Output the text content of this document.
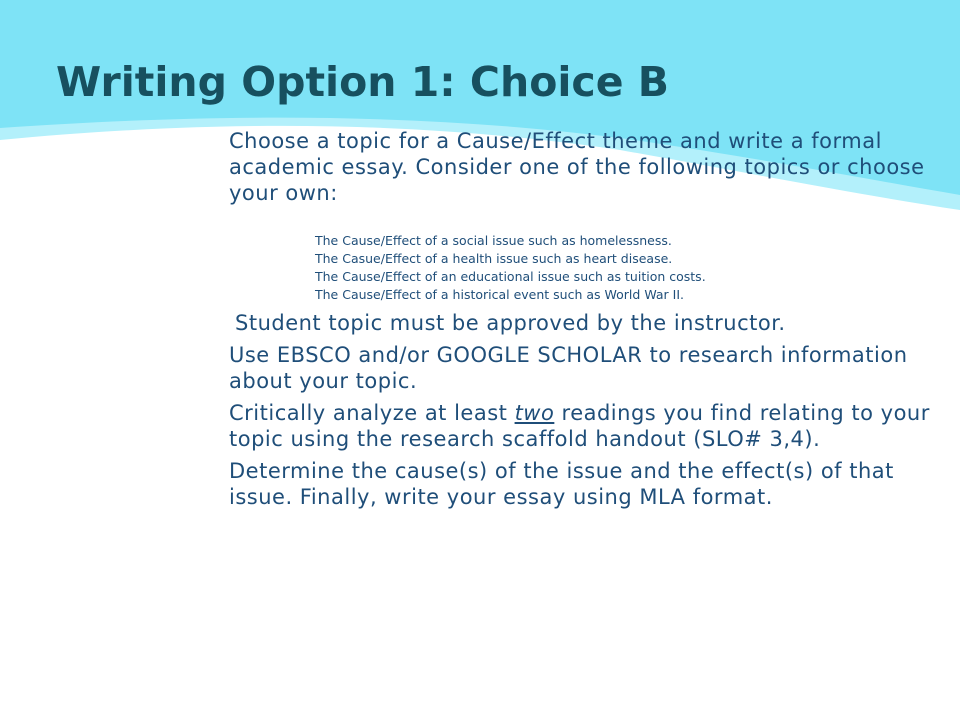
Writing Option 1: Choice B

Choose a topic for a Cause/Effect theme and write a formal academic essay. Consider one of the following topics or choose your own:

The Cause/Effect of a social issue such as homelessness.
The Casue/Effect of a health issue such as heart disease.
The Cause/Effect of an educational issue such as tuition costs.
The Cause/Effect of a historical event such as World War II.

Student topic must be approved by the instructor.

Use EBSCO and/or GOOGLE SCHOLAR to research information about your topic.

Critically analyze at least two readings you find relating to your topic using the research scaffold handout (SLO# 3,4).

Determine the cause(s) of the issue and the effect(s) of that issue. Finally, write your essay using MLA format.
